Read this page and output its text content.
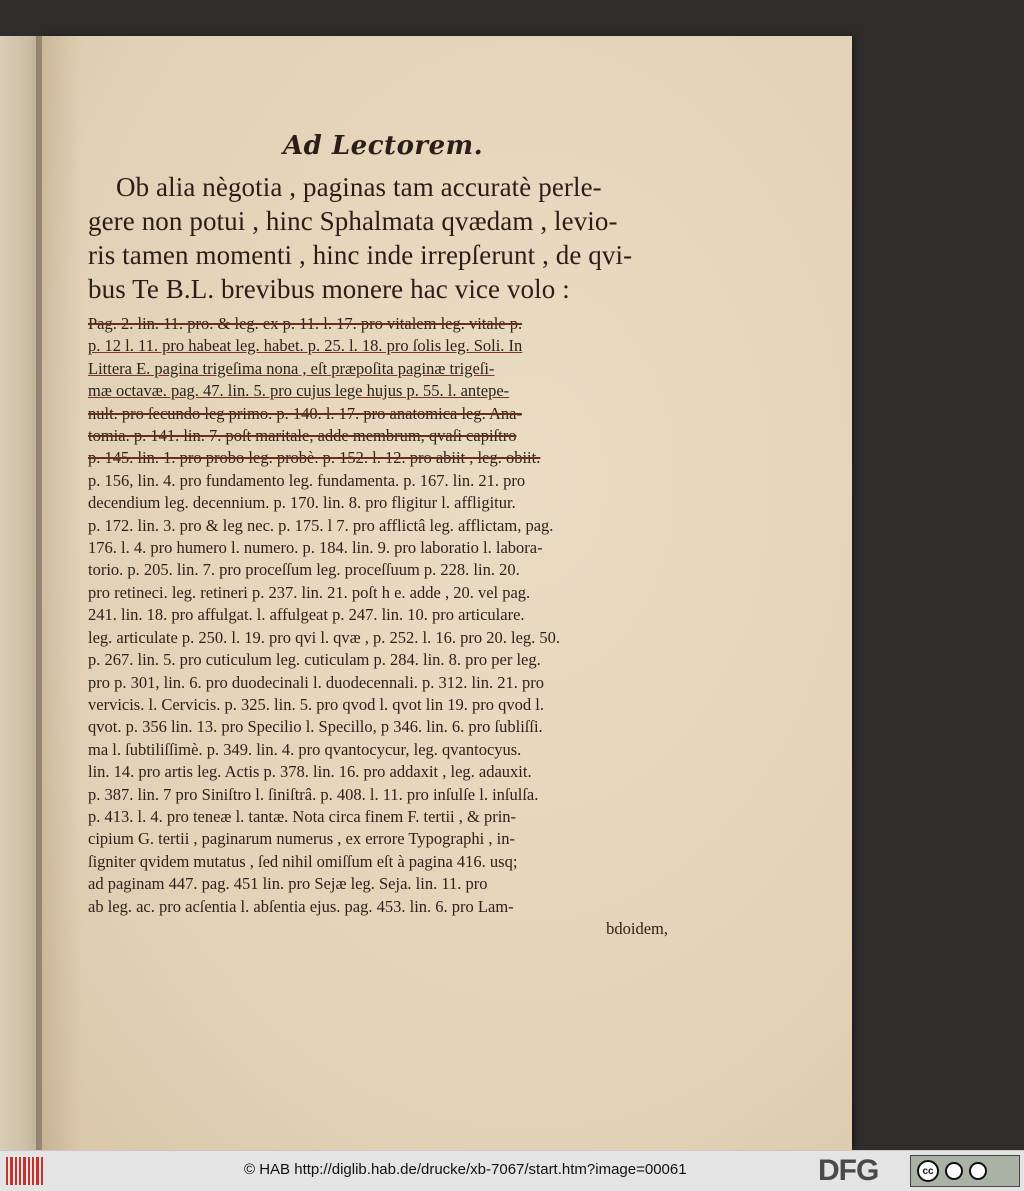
Ad Lectorem.
Ob alia nègotia , paginas tam accuratè perle-
gere non potui , hinc Sphalmata qvædam , levio-
ris tamen momenti , hinc inde irrepſerunt , de qvi-
bus Te B.L. brevibus monere hac vice volo :
Pag. 2. lin. 11. pro. & leg. ex p. 11. l. 17. pro vitalem leg. vitale p.
p. 12 l. 11. pro habeat leg. habet. p. 25. l. 18. pro ſolis leg. Soli. In
Littera E. pagina trigeſima nona , eſt præpoſita paginæ trigeſi-
mæ octavæ. pag. 47. lin. 5. pro cujus lege hujus p. 55. l. antepe-
nult. pro ſecundo leg primo. p. 140. l. 17. pro anatomica leg. Ana-
tomia. p. 141. lin. 7. poſt maritale, adde membrum, qvaſi capiſtro
p. 145. lin. 1. pro probo leg. probè. p. 152. l. 12. pro abiit , leg. obiit.
p. 156, lin. 4. pro fundamento leg. fundamenta. p. 167. lin. 21. pro
decendium leg. decennium. p. 170. lin. 8. pro fligitur l. affligitur.
p. 172. lin. 3. pro & leg nec. p. 175. l 7. pro afflictâ leg. afflictam, pag.
176. l. 4. pro humero l. numero. p. 184. lin. 9. pro laboratio l. labora-
torio. p. 205. lin. 7. pro proceſſum leg. proceſſuum p. 228. lin. 20.
pro retineci. leg. retineri p. 237. lin. 21. poſt h e. adde , 20. vel pag.
241. lin. 18. pro affulgat. l. affulgeat p. 247. lin. 10. pro articulare.
leg. articulate p. 250. l. 19. pro qvi l. qvæ , p. 252. l. 16. pro 20. leg. 50.
p. 267. lin. 5. pro cuticulum leg. cuticulam p. 284. lin. 8. pro per leg.
pro p. 301, lin. 6. pro duodecinali l. duodecennali. p. 312. lin. 21. pro
vervicis. l. Cervicis. p. 325. lin. 5. pro qvod l. qvot lin 19. pro qvod l.
qvot. p. 356 lin. 13. pro Specilio l. Specillo, p 346. lin. 6. pro ſubliſſi.
ma l. ſubtiliſſimè. p. 349. lin. 4. pro qvantocycur, leg. qvantocyus.
lin. 14. pro artis leg. Actis p. 378. lin. 16. pro addaxit , leg. adauxit.
p. 387. lin. 7 pro Siniſtro l. ſiniſtrâ. p. 408. l. 11. pro inſulſe l. inſulſa.
p. 413. l. 4. pro teneæ l. tantæ. Nota circa finem F. tertii , & prin-
cipium G. tertii , paginarum numerus , ex errore Typographi , in-
ſigniter qvidem mutatus , ſed nihil omiſſum eſt à pagina 416. usq;
ad paginam 447. pag. 451 lin. pro Sejæ leg. Seja. lin. 11. pro
ab leg. ac. pro acſentia l. abſentia ejus. pag. 453. lin. 6. pro Lam-
bdoidem,
© HAB http://diglib.hab.de/drucke/xb-7067/start.htm?image=00061	DFG	cc
